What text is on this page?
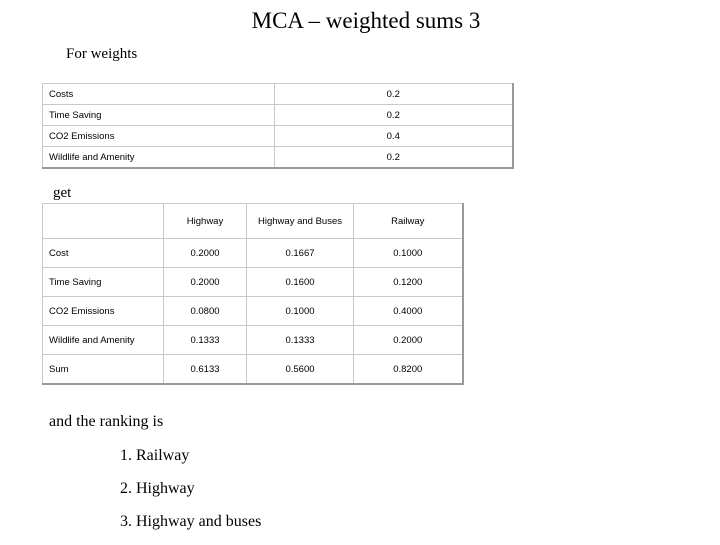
MCA – weighted sums 3
For weights
Costs	0.2
Time Saving	0.2
CO2 Emissions	0.4
Wildlife and Amenity	0.2
get
	Highway	Highway and Buses	Railway
Cost	0.2000	0.1667	0.1000
Time Saving	0.2000	0.1600	0.1200
CO2 Emissions	0.0800	0.1000	0.4000
Wildlife and Amenity	0.1333	0.1333	0.2000
Sum	0.6133	0.5600	0.8200
and the ranking is
1. Railway
2. Highway
3. Highway and buses
